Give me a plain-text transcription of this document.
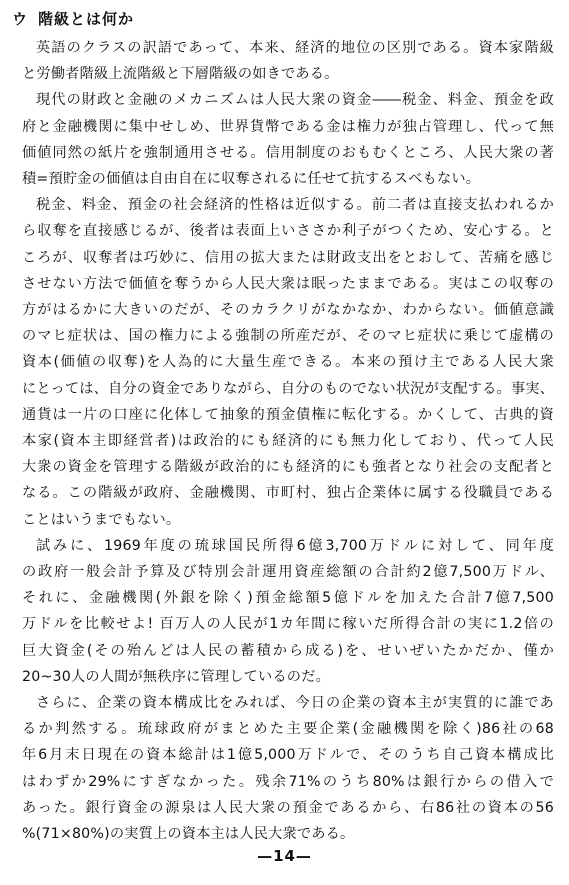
ウ 階級とは何か
英語のクラスの訳語であって、本来、経済的地位の区別である。資本家階級
と労働者階級上流階級と下層階級の如きである。
現代の財政と金融のメカニズムは人民大衆の資金――税金、料金、預金を政
府と金融機関に集中せしめ、世界貨幣である金は権力が独占管理し、代って無
価値同然の紙片を強制通用させる。信用制度のおもむくところ、人民大衆の著
積=預貯金の価値は自由自在に収奪されるに任せて抗するスベもない。
税金、料金、預金の社会経済的性格は近似する。前二者は直接支払われるか
ら収奪を直接感じるが、後者は表面上いささか利子がつくため、安心する。と
ころが、収奪者は巧妙に、信用の拡大または財政支出をとおして、苦痛を感じ
させない方法で価値を奪うから人民大衆は眠ったままである。実はこの収奪の
方がはるかに大きいのだが、そのカラクリがなかなか、わからない。価値意識
のマヒ症状は、国の権力による強制の所産だが、そのマヒ症状に乗じて虚構の
資本(価値の収奪)を人為的に大量生産できる。本来の預け主である人民大衆
にとっては、自分の資金でありながら、自分のものでない状況が支配する。事実、
通貨は一片の口座に化体して抽象的預金債権に転化する。かくして、古典的資
本家(資本主即経営者)は政治的にも経済的にも無力化しており、代って人民
大衆の資金を管理する階級が政治的にも経済的にも強者となり社会の支配者と
なる。この階級が政府、金融機関、市町村、独占企業体に属する役職員である
ことはいうまでもない。
試みに、1969年度の琉球国民所得6億3,700万ドルに対して、同年度
の政府一般会計予算及び特別会計運用資産総額の合計約2億7,500万ドル、
それに、金融機関(外銀を除く)預金総額5億ドルを加えた合計7億7,500
万ドルを比較せよ! 百万人の人民が1カ年間に稼いだ所得合計の実に1.2倍の
巨大資金(その殆んどは人民の蓄積から成る)を、せいぜいたかだか、僅か
20~30人の人間が無秩序に管理しているのだ。
さらに、企業の資本構成比をみれば、今日の企業の資本主が実質的に誰であ
るか判然する。琉球政府がまとめた主要企業(金融機関を除く)86社の68
年6月末日現在の資本総計は1億5,000万ドルで、そのうち自己資本構成比
はわずか29%にすぎなかった。残余71%のうち80%は銀行からの借入で
あった。銀行資金の源泉は人民大衆の預金であるから、右86社の資本の56
%(71×80%)の実質上の資本主は人民大衆である。
—14—
